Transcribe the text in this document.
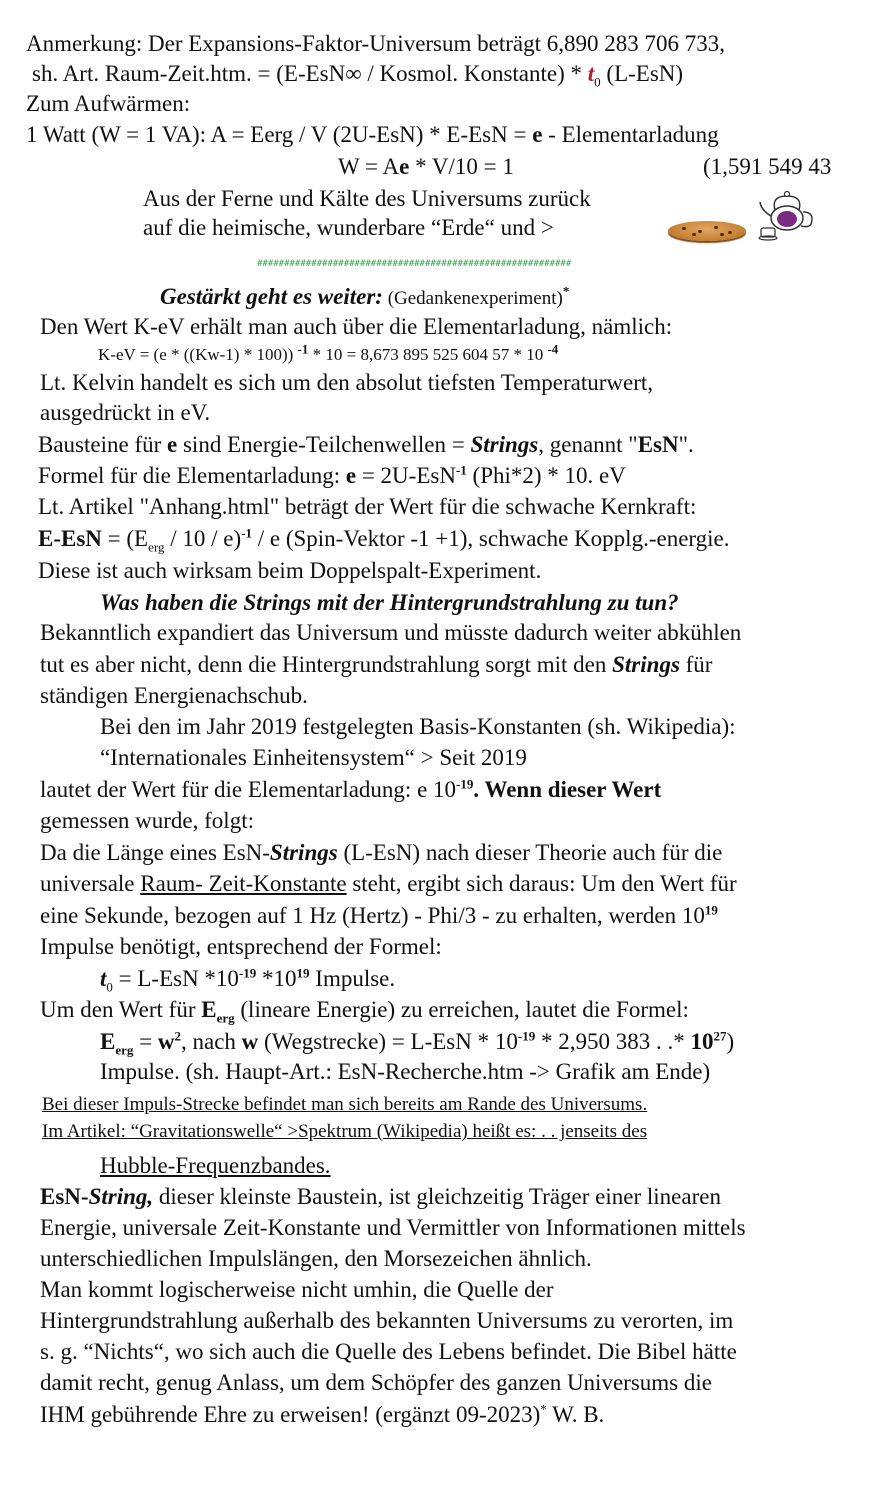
Anmerkung: Der Expansions-Faktor-Universum beträgt 6,890 283 706 733,
sh. Art. Raum-Zeit.htm. = (E-EsN∞ / Kosmol. Konstante) * $t_0$ (L-EsN)
Zum Aufwärmen:
1 Watt (W = 1 VA): A = Eerg / V (2U-EsN) * E-EsN = e - Elementarladung
W = Ae * V/10 = 1	(1,591 549 43
Aus der Ferne und Kälte des Universums zurück
auf die heimische, wunderbare “Erde“ und >
##########################################################
Gestärkt geht es weiter: (Gedankenexperiment)*
Den Wert K-eV erhält man auch über die Elementarladung, nämlich:
K-eV = (e * ((Kw-1) * 100)) $^{-1}$ * 10 = 8,673 895 525 604 57 * 10 $^{-4}$
Lt. Kelvin handelt es sich um den absolut tiefsten Temperaturwert,
ausgedrückt in eV.
Bausteine für e sind Energie-Teilchenwellen = Strings, genannt "EsN".
Formel für die Elementarladung: e = 2U-EsN$^{-1}$ (Phi*2) * 10. eV
Lt. Artikel "Anhang.html" beträgt der Wert für die schwache Kernkraft:
$E-EsN = (E_{erg} / 10 / e)^{-1} / e$ (Spin-Vektor -1 +1), schwache Kopplg.-energie.
Diese ist auch wirksam beim Doppelspalt-Experiment.
Was haben die Strings mit der Hintergrundstrahlung zu tun?
Bekanntlich expandiert das Universum und müsste dadurch weiter abkühlen
tut es aber nicht, denn die Hintergrundstrahlung sorgt mit den Strings für
ständigen Energienachschub.
Bei den im Jahr 2019 festgelegten Basis-Konstanten (sh. Wikipedia):
“Internationales Einheitensystem“ > Seit 2019
lautet der Wert für die Elementarladung: e $10^{-19}$. Wenn dieser Wert
gemessen wurde, folgt:
Da die Länge eines EsN-Strings (L-EsN) nach dieser Theorie auch für die
universale Raum- Zeit-Konstante steht, ergibt sich daraus: Um den Wert für
eine Sekunde, bezogen auf 1 Hz (Hertz) - Phi/3 - zu erhalten, werden $10^{19}$
Impulse benötigt, entsprechend der Formel:
$t_0 = L-EsN$ $*10^{-19}$ $*10^{19}$ Impulse.
Um den Wert für $E_{erg}$ (lineare Energie) zu erreichen, lautet die Formel:
$E_{erg} = w^2$, nach w (Wegstrecke) = $L-EsN * 10^{-19} * 2,950$ 383 . .* $10^{27}$)
Impulse. (sh. Haupt-Art.: EsN-Recherche.htm -> Grafik am Ende)
Bei dieser Impuls-Strecke befindet man sich bereits am Rande des Universums.
Im Artikel: “Gravitationswelle“ >Spektrum (Wikipedia) heißt es: . . jenseits des
Hubble-Frequenzbandes.
EsN-String, dieser kleinste Baustein, ist gleichzeitig Träger einer linearen
Energie, universale Zeit-Konstante und Vermittler von Informationen mittels
unterschiedlichen Impulslängen, den Morsezeichen ähnlich.
Man kommt logischerweise nicht umhin, die Quelle der
Hintergrundstrahlung außerhalb des bekannten Universums zu verorten, im
s. g. “Nichts“, wo sich auch die Quelle des Lebens befindet. Die Bibel hätte
damit recht, genug Anlass, um dem Schöpfer des ganzen Universums die
IHM gebührende Ehre zu erweisen! (ergänzt 09-2023)* W. B.
